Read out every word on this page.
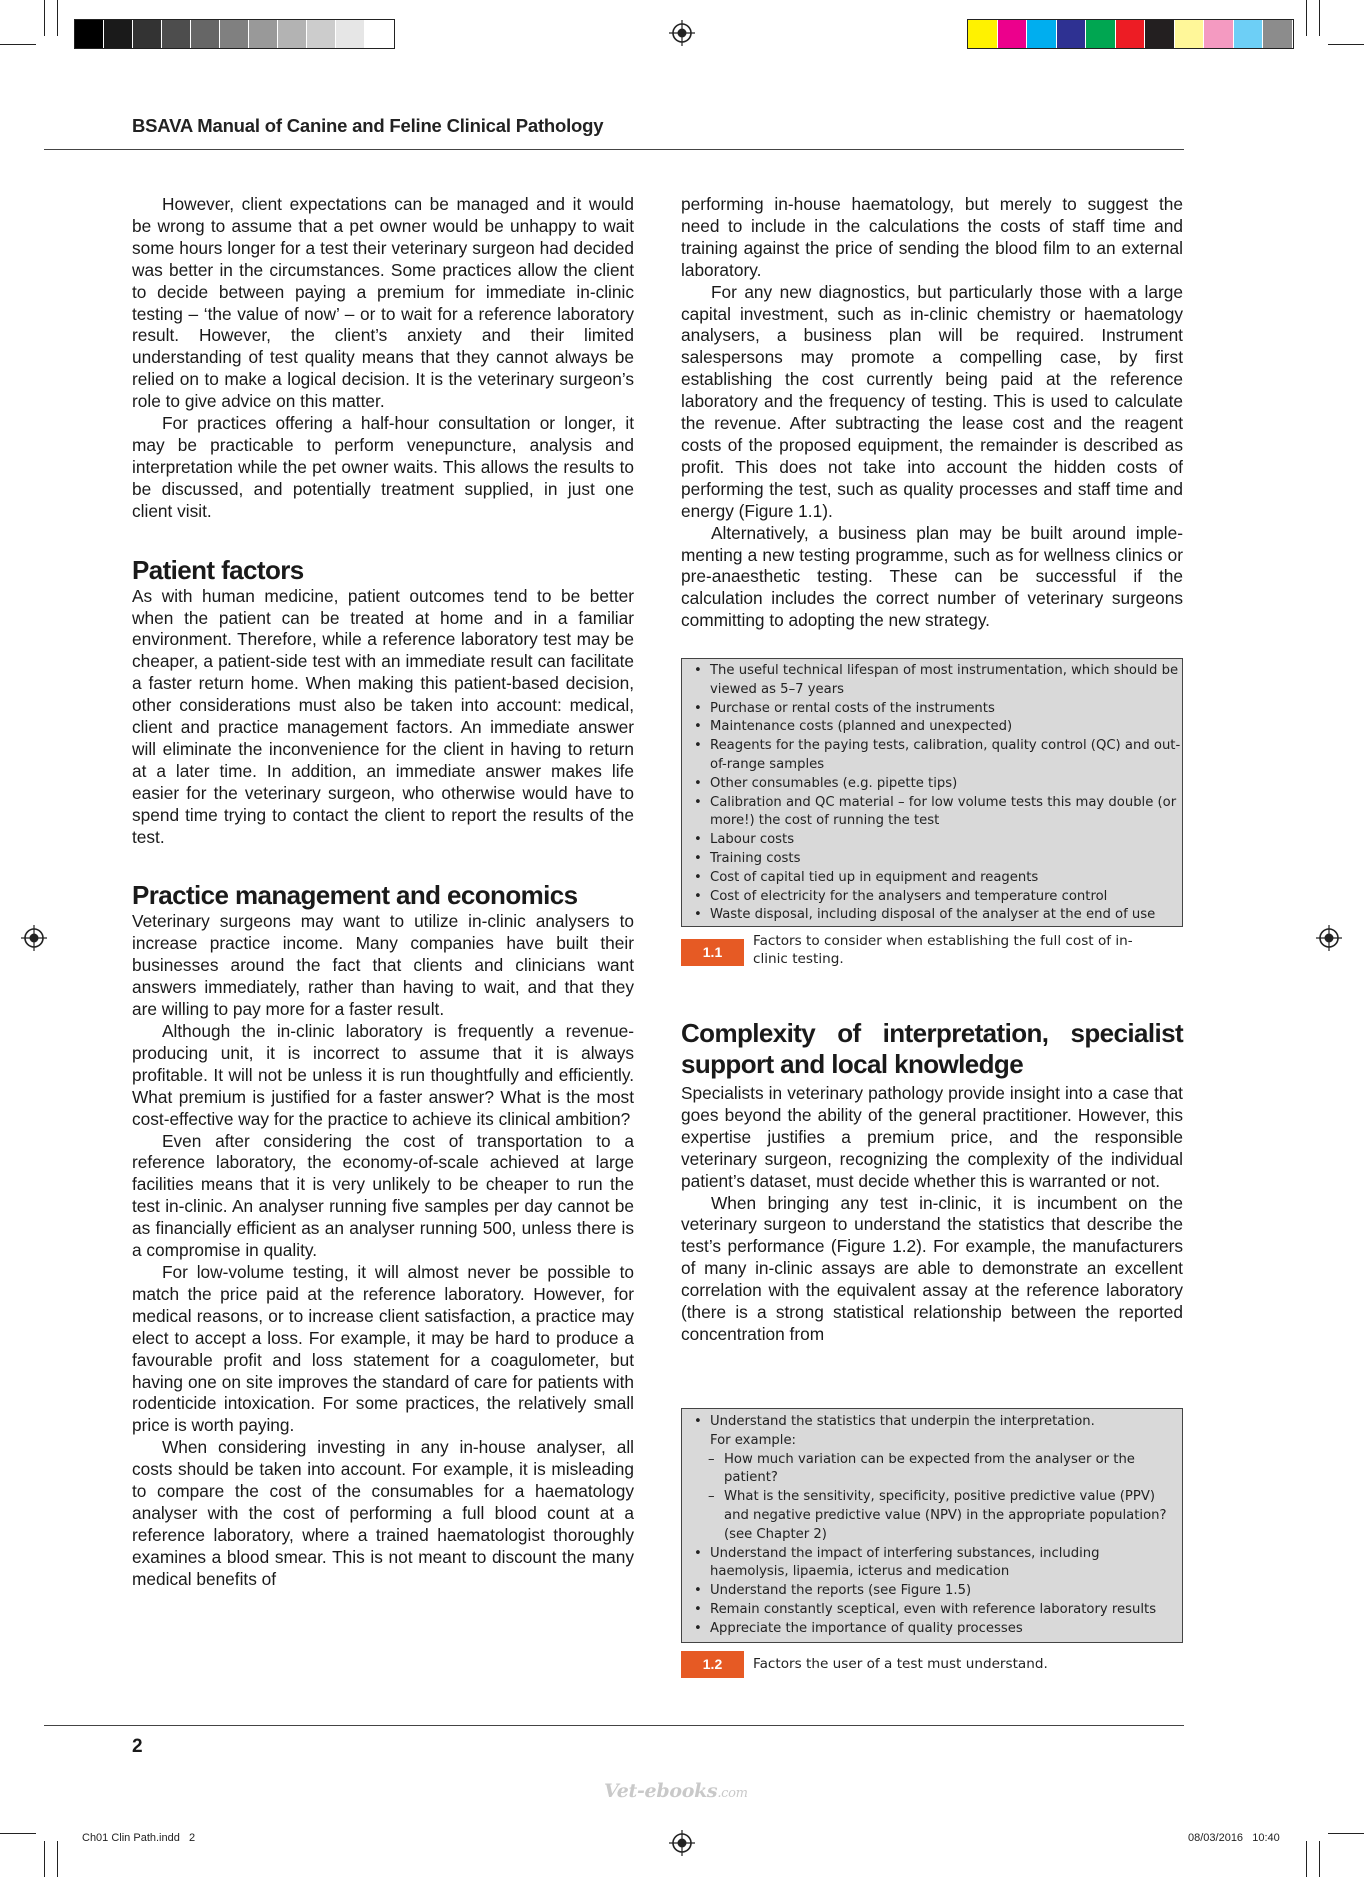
BSAVA Manual of Canine and Feline Clinical Pathology

However, client expectations can be managed and it would be wrong to assume that a pet owner would be unhappy to wait some hours longer for a test their veterinary surgeon had decided was better in the circumstances. Some practices allow the client to decide between paying a premium for immediate in-clinic testing – ‘the value of now’ – or to wait for a reference laboratory result. However, the client’s anxiety and their limited understanding of test quality means that they cannot always be relied on to make a logical decision. It is the veterinary surgeon’s role to give advice on this matter.

For practices offering a half-hour consultation or longer, it may be practicable to perform venepuncture, analysis and interpretation while the pet owner waits. This allows the results to be discussed, and potentially treatment supplied, in just one client visit.

Patient factors

As with human medicine, patient outcomes tend to be better when the patient can be treated at home and in a familiar environment. Therefore, while a reference laboratory test may be cheaper, a patient-side test with an immediate result can facilitate a faster return home. When making this patient-based decision, other considerations must also be taken into account: medical, client and practice management factors. An immediate answer will eliminate the inconvenience for the client in having to return at a later time. In addition, an immediate answer makes life easier for the veterinary surgeon, who otherwise would have to spend time trying to contact the client to report the results of the test.

Practice management and economics

Veterinary surgeons may want to utilize in-clinic analysers to increase practice income. Many companies have built their businesses around the fact that clients and clinicians want answers immediately, rather than having to wait, and that they are willing to pay more for a faster result.

Although the in-clinic laboratory is frequently a revenue-producing unit, it is incorrect to assume that it is always profitable. It will not be unless it is run thoughtfully and efficiently. What premium is justified for a faster answer? What is the most cost-effective way for the practice to achieve its clinical ambition?

Even after considering the cost of transportation to a reference laboratory, the economy-of-scale achieved at large facilities means that it is very unlikely to be cheaper to run the test in-clinic. An analyser running five samples per day cannot be as financially efficient as an analyser running 500, unless there is a compromise in quality.

For low-volume testing, it will almost never be possible to match the price paid at the reference laboratory. However, for medical reasons, or to increase client satisfaction, a practice may elect to accept a loss. For example, it may be hard to produce a favourable profit and loss statement for a coagulometer, but having one on site improves the standard of care for patients with rodenticide intoxication. For some practices, the relatively small price is worth paying.

When considering investing in any in-house analyser, all costs should be taken into account. For example, it is misleading to compare the cost of the consumables for a haematology analyser with the cost of performing a full blood count at a reference laboratory, where a trained haematologist thoroughly examines a blood smear. This is not meant to discount the many medical benefits of

performing in-house haematology, but merely to suggest the need to include in the calculations the costs of staff time and training against the price of sending the blood film to an external laboratory.

For any new diagnostics, but particularly those with a large capital investment, such as in-clinic chemistry or haematology analysers, a business plan will be required. Instrument salespersons may promote a compelling case, by first establishing the cost currently being paid at the reference laboratory and the frequency of testing. This is used to calculate the revenue. After subtracting the lease cost and the reagent costs of the proposed equipment, the remainder is described as profit. This does not take into account the hidden costs of performing the test, such as quality processes and staff time and energy (Figure 1.1).

Alternatively, a business plan may be built around implementing a new testing programme, such as for wellness clinics or pre-anaesthetic testing. These can be successful if the calculation includes the correct number of veterinary surgeons committing to adopting the new strategy.

• The useful technical lifespan of most instrumentation, which should be viewed as 5–7 years
• Purchase or rental costs of the instruments
• Maintenance costs (planned and unexpected)
• Reagents for the paying tests, calibration, quality control (QC) and out-of-range samples
• Other consumables (e.g. pipette tips)
• Calibration and QC material – for low volume tests this may double (or more!) the cost of running the test
• Labour costs
• Training costs
• Cost of capital tied up in equipment and reagents
• Cost of electricity for the analysers and temperature control
• Waste disposal, including disposal of the analyser at the end of use
1.1
Factors to consider when establishing the full cost of in-clinic testing.
Complexity of interpretation, specialist support and local knowledge

Specialists in veterinary pathology provide insight into a case that goes beyond the ability of the general practitioner. However, this expertise justifies a premium price, and the responsible veterinary surgeon, recognizing the complexity of the individual patient’s dataset, must decide whether this is warranted or not.

When bringing any test in-clinic, it is incumbent on the veterinary surgeon to understand the statistics that describe the test’s performance (Figure 1.2). For example, the manufacturers of many in-clinic assays are able to demonstrate an excellent correlation with the equivalent assay at the reference laboratory (there is a strong statistical relationship between the reported concentration from

• Understand the statistics that underpin the interpretation.
For example:
– How much variation can be expected from the analyser or the patient?
– What is the sensitivity, specificity, positive predictive value (PPV) and negative predictive value (NPV) in the appropriate population? (see Chapter 2)
• Understand the impact of interfering substances, including haemolysis, lipaemia, icterus and medication
• Understand the reports (see Figure 1.5)
• Remain constantly sceptical, even with reference laboratory results
• Appreciate the importance of quality processes
1.2	Factors the user of a test must understand.
2
Vet-ebooks.com
Ch01 Clin Path.indd   2	08/03/2016   10:40
